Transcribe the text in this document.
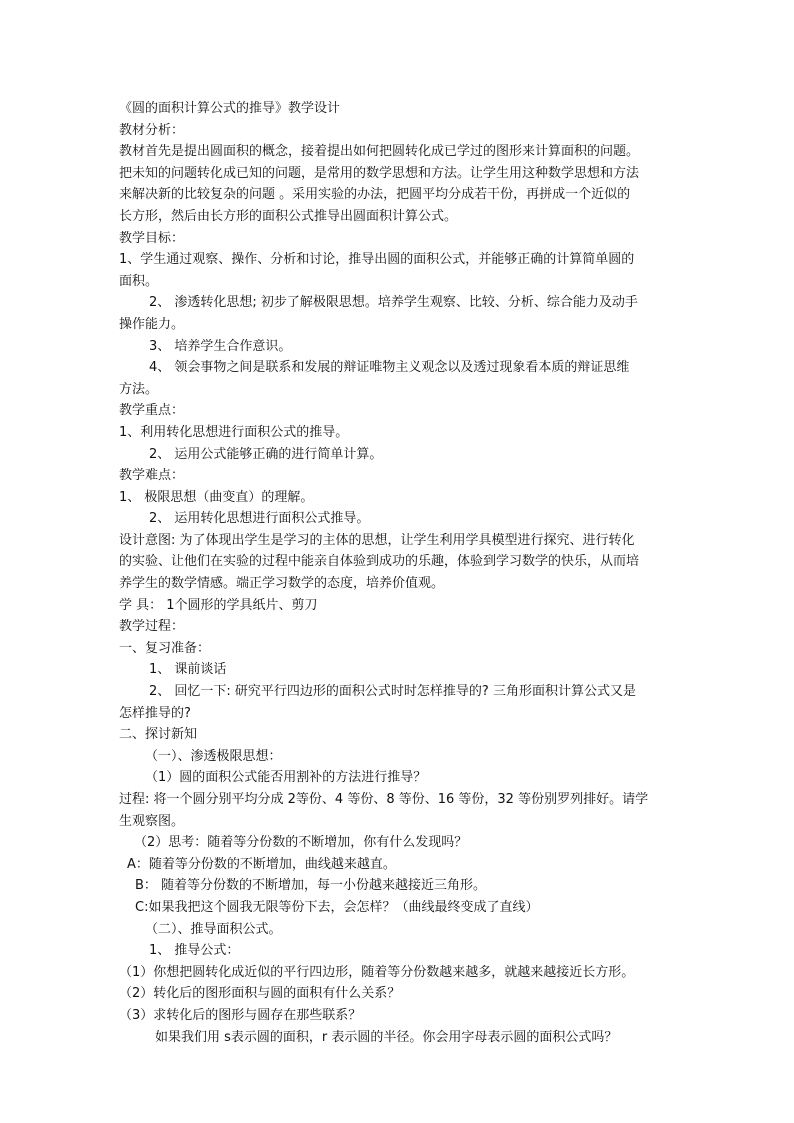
《圆的面积计算公式的推导》教学设计
教材分析：
教材首先是提出圆面积的概念，接着提出如何把圆转化成已学过的图形来计算面积的问题。
把未知的问题转化成已知的问题，是常用的数学思想和方法。让学生用这种数学思想和方法
来解决新的比较复杂的问题 。采用实验的办法，把圆平均分成若干份，再拼成一个近似的
长方形，然后由长方形的面积公式推导出圆面积计算公式。
教学目标：
1、学生通过观察、操作、分析和讨论，推导出圆的面积公式，并能够正确的计算简单圆的
面积。
2、 渗透转化思想; 初步了解极限思想。培养学生观察、比较、分析、综合能力及动手
操作能力。
3、 培养学生合作意识。
4、 领会事物之间是联系和发展的辩证唯物主义观念以及透过现象看本质的辩证思维
方法。
教学重点：
1、利用转化思想进行面积公式的推导。
2、 运用公式能够正确的进行简单计算。
教学难点：
1、 极限思想（曲变直）的理解。
2、 运用转化思想进行面积公式推导。
设计意图: 为了体现出学生是学习的主体的思想，让学生利用学具模型进行探究、进行转化
的实验、让他们在实验的过程中能亲自体验到成功的乐趣，体验到学习数学的快乐，从而培
养学生的数学情感。端正学习数学的态度，培养价值观。
学 具： 1个圆形的学具纸片、剪刀
教学过程：
一、复习准备：
1、 课前谈话
2、 回忆一下: 研究平行四边形的面积公式时时怎样推导的? 三角形面积计算公式又是
怎样推导的?
二、探讨新知
（一）、渗透极限思想：
（1）圆的面积公式能否用割补的方法进行推导？
过程: 将一个圆分别平均分成 2等份、4 等份、8 等份、16 等份，32 等份别罗列排好。请学
生观察图。
（2）思考：随着等分份数的不断增加，你有什么发现吗？
A：随着等分份数的不断增加，曲线越来越直。
B： 随着等分份数的不断增加，每一小份越来越接近三角形。
C:如果我把这个圆我无限等份下去，会怎样？（曲线最终变成了直线）
（二）、推导面积公式。
1、 推导公式：
（1）你想把圆转化成近似的平行四边形，随着等分份数越来越多，就越来越接近长方形。
（2）转化后的图形面积与圆的面积有什么关系？
（3）求转化后的图形与圆存在那些联系？
如果我们用 s表示圆的面积，r 表示圆的半径。你会用字母表示圆的面积公式吗？
